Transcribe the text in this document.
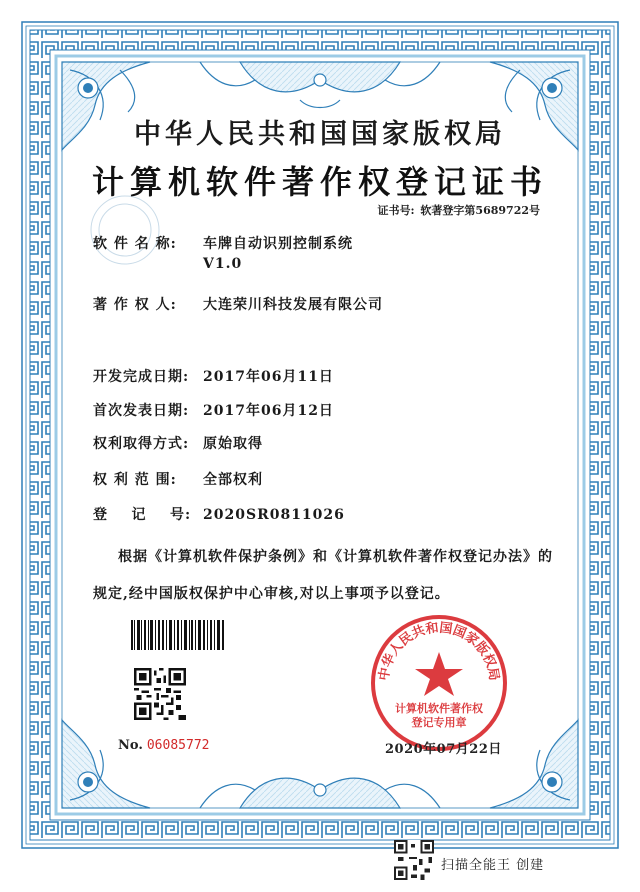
中华人民共和国国家版权局
计算机软件著作权登记证书
证书号: 软著登字第5689722号
软 件 名 称: 车牌自动识别控制系统
V1.0
著 作 权 人: 大连荣川科技发展有限公司
开发完成日期: 2017年06月11日
首次发表日期: 2017年06月12日
权利取得方式: 原始取得
权 利 范 围: 全部权利
登    记    号: 2020SR0811026
根据《计算机软件保护条例》和《计算机软件著作权登记办法》的
规定,经中国版权保护中心审核,对以上事项予以登记。
No. 06085772
中华人民共和国国家版权局
计算机软件著作权
登记专用章
2020年07月22日
扫描全能王 创建
